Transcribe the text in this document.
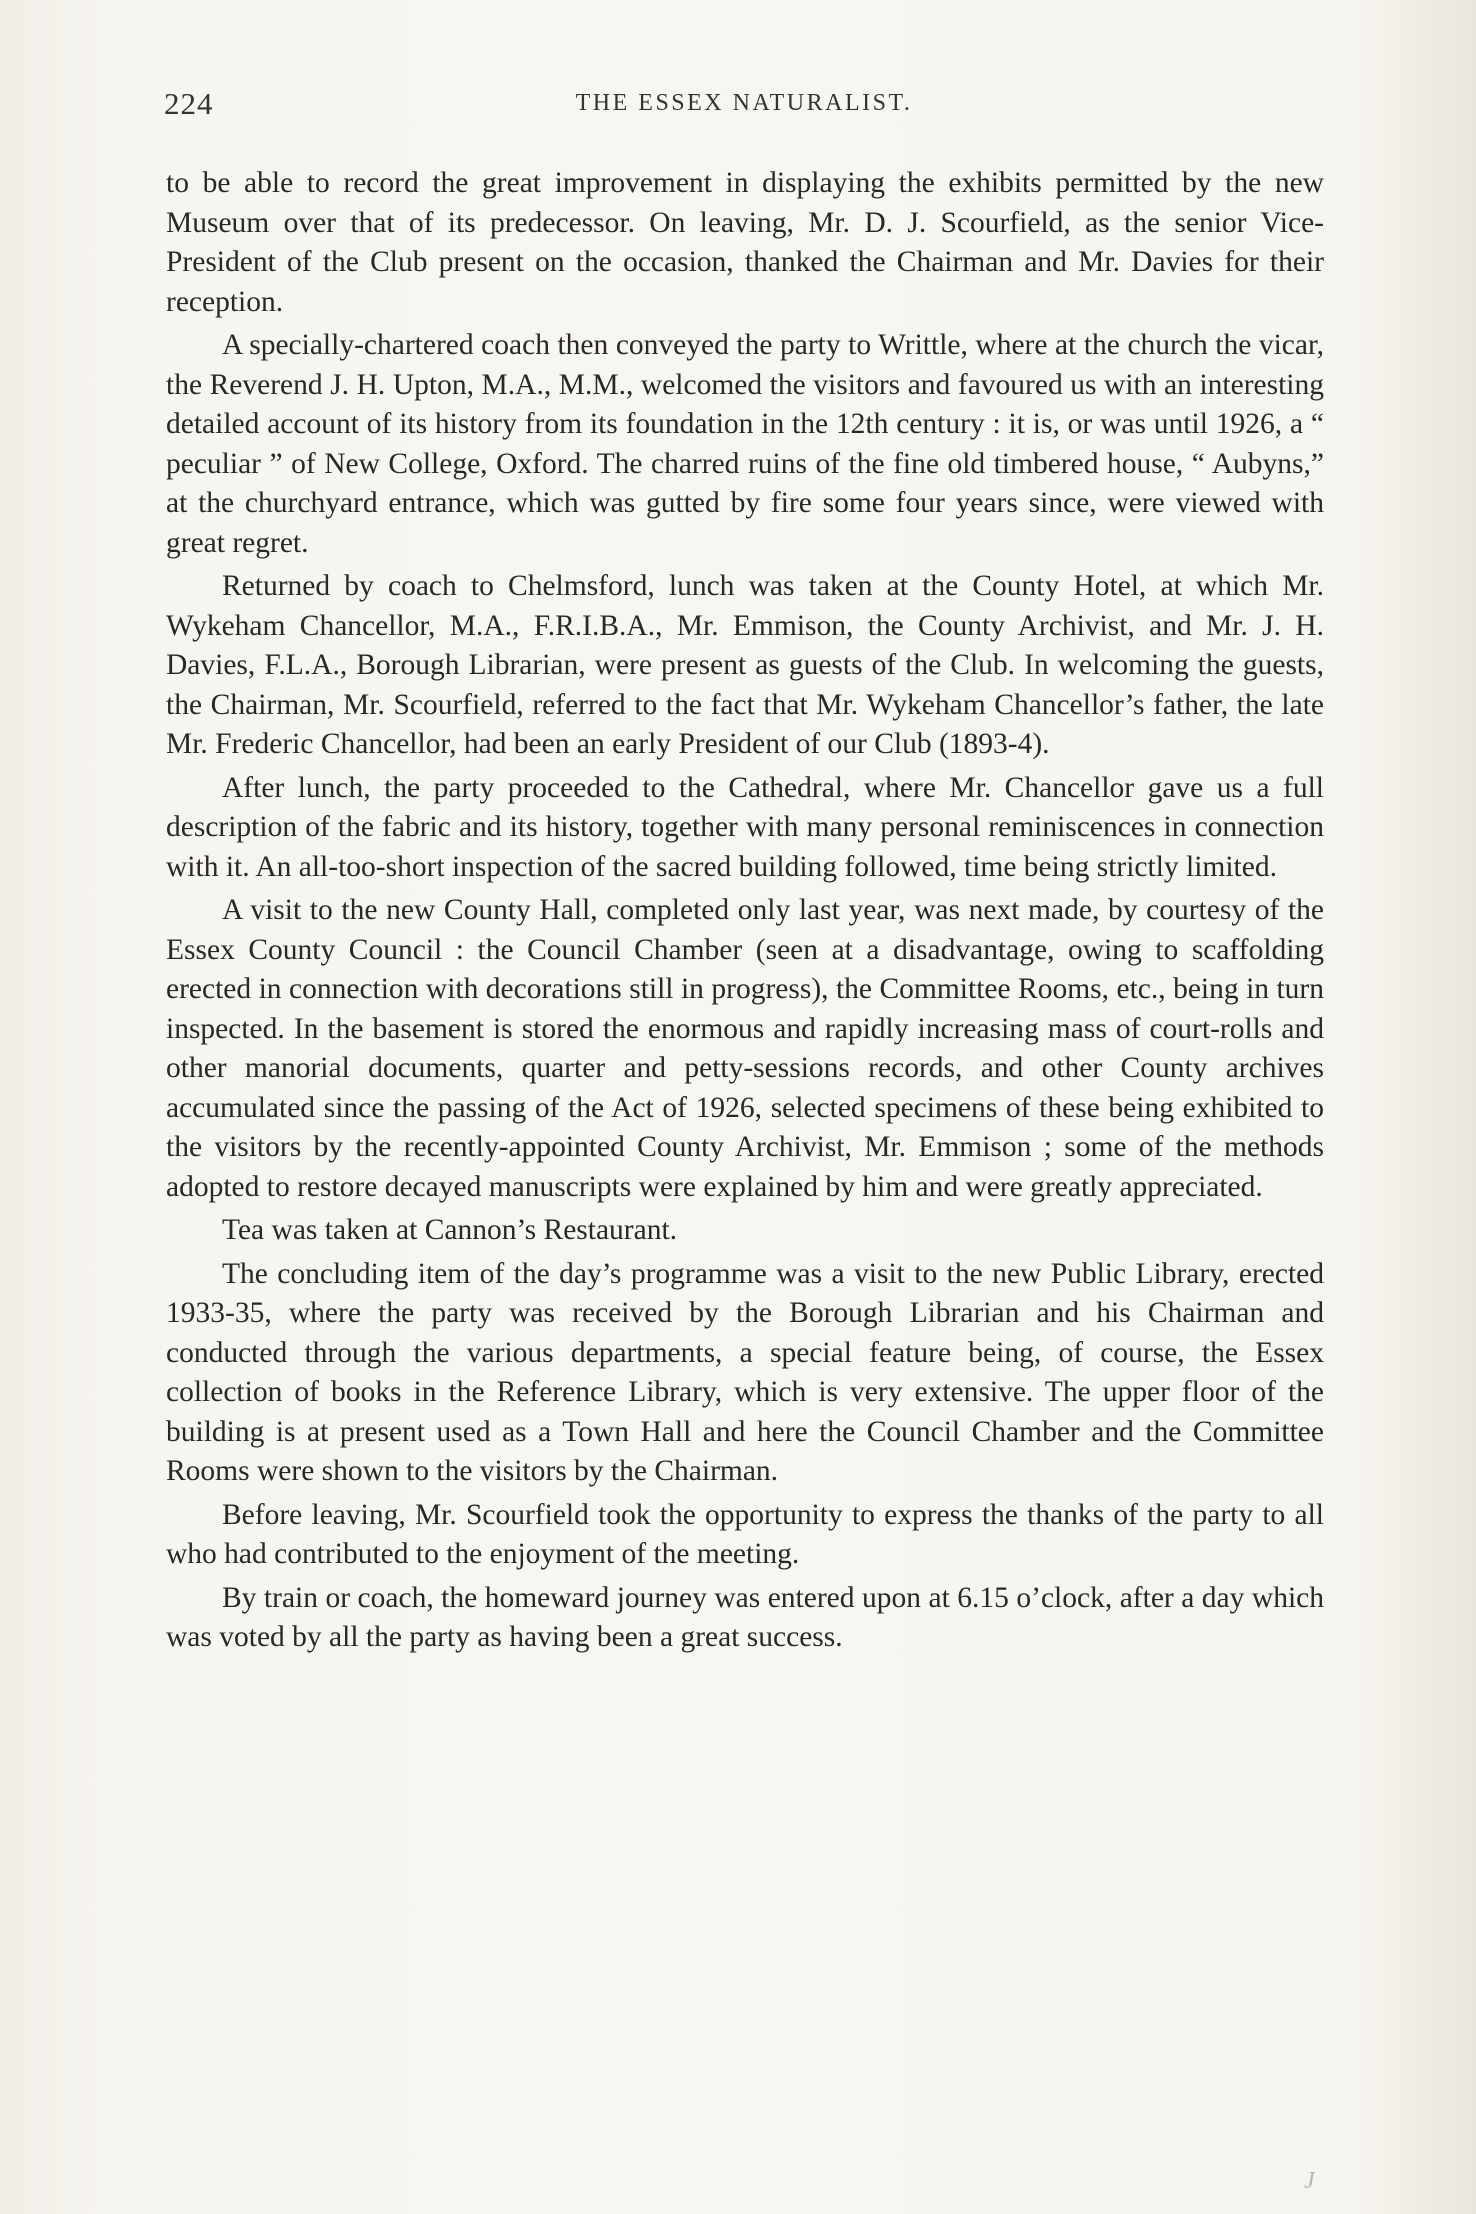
224	THE ESSEX NATURALIST.

to be able to record the great improvement in displaying the exhibits permitted by the new Museum over that of its predecessor. On leaving, Mr. D. J. Scourfield, as the senior Vice-President of the Club present on the occasion, thanked the Chairman and Mr. Davies for their reception.

A specially-chartered coach then conveyed the party to Writtle, where at the church the vicar, the Reverend J. H. Upton, M.A., M.M., welcomed the visitors and favoured us with an interesting detailed account of its history from its foundation in the 12th century : it is, or was until 1926, a “ peculiar ” of New College, Oxford. The charred ruins of the fine old timbered house, “ Aubyns,” at the churchyard entrance, which was gutted by fire some four years since, were viewed with great regret.

Returned by coach to Chelmsford, lunch was taken at the County Hotel, at which Mr. Wykeham Chancellor, M.A., F.R.I.B.A., Mr. Emmison, the County Archivist, and Mr. J. H. Davies, F.L.A., Borough Librarian, were present as guests of the Club. In welcoming the guests, the Chairman, Mr. Scourfield, referred to the fact that Mr. Wykeham Chancellor’s father, the late Mr. Frederic Chancellor, had been an early President of our Club (1893-4).

After lunch, the party proceeded to the Cathedral, where Mr. Chancellor gave us a full description of the fabric and its history, together with many personal reminiscences in connection with it. An all-too-short inspection of the sacred building followed, time being strictly limited.

A visit to the new County Hall, completed only last year, was next made, by courtesy of the Essex County Council : the Council Chamber (seen at a disadvantage, owing to scaffolding erected in connection with decorations still in progress), the Committee Rooms, etc., being in turn inspected. In the basement is stored the enormous and rapidly increasing mass of court-rolls and other manorial documents, quarter and petty-sessions records, and other County archives accumulated since the passing of the Act of 1926, selected specimens of these being exhibited to the visitors by the recently-appointed County Archivist, Mr. Emmison ; some of the methods adopted to restore decayed manuscripts were explained by him and were greatly appreciated.

Tea was taken at Cannon’s Restaurant.

The concluding item of the day’s programme was a visit to the new Public Library, erected 1933-35, where the party was received by the Borough Librarian and his Chairman and conducted through the various departments, a special feature being, of course, the Essex collection of books in the Reference Library, which is very extensive. The upper floor of the building is at present used as a Town Hall and here the Council Chamber and the Committee Rooms were shown to the visitors by the Chairman.

Before leaving, Mr. Scourfield took the opportunity to express the thanks of the party to all who had contributed to the enjoyment of the meeting.

By train or coach, the homeward journey was entered upon at 6.15 o’clock, after a day which was voted by all the party as having been a great success.

J
